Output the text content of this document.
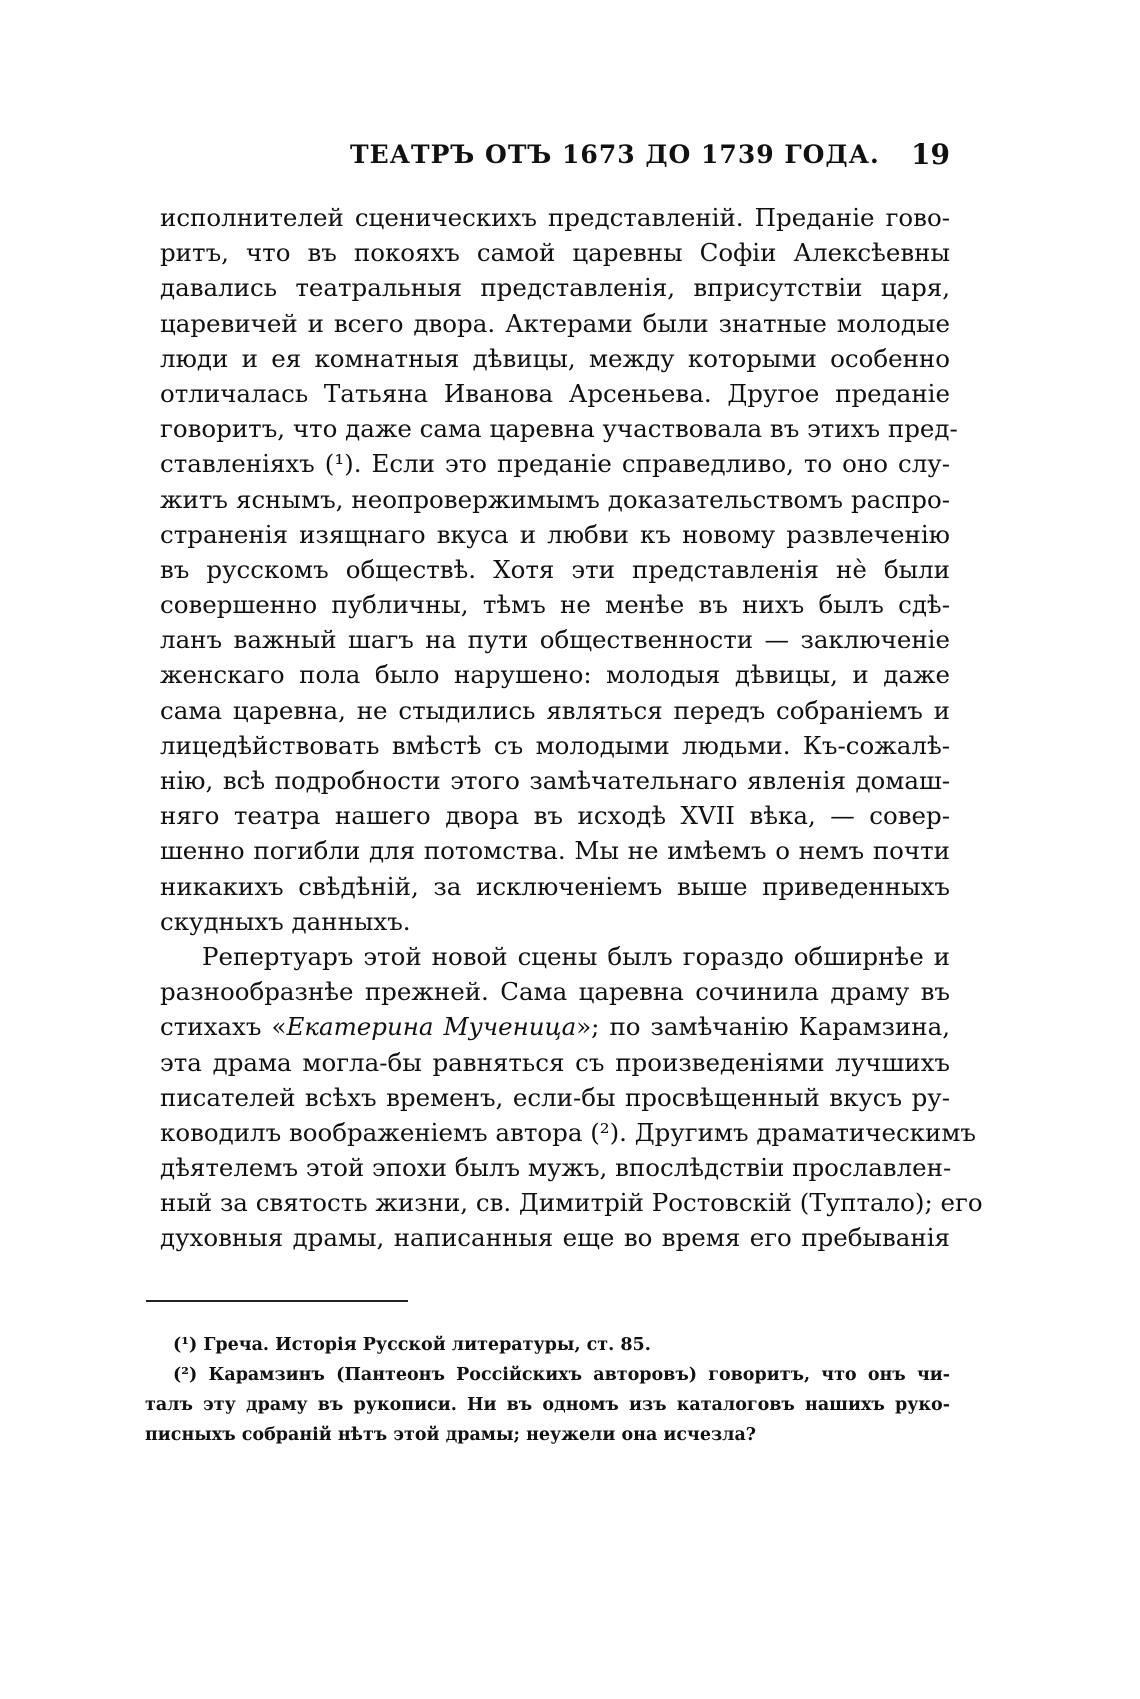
ТЕАТРЪ ОТЪ 1673 ДО 1739 ГОДА. 19
исполнителей сценическихъ представленій. Преданіе гово-
ритъ, что въ покояхъ самой царевны Софіи Алексѣевны
давались театральныя представленія, вприсутствіи царя,
царевичей и всего двора. Актерами были знатные молодые
люди и ея комнатныя дѣвицы, между которыми особенно
отличалась Татьяна Иванова Арсеньева. Другое преданіе
говоритъ, что даже сама царевна участвовала въ этихъ пред-
ставленіяхъ (¹). Если это преданіе справедливо, то оно слу-
житъ яснымъ, неопровержимымъ доказательствомъ распро-
страненія изящнаго вкуса и любви къ новому развлеченію
въ русскомъ обществѣ. Хотя эти представленія нѐ были
совершенно публичны, тѣмъ не менѣе въ нихъ былъ сдѣ-
ланъ важный шагъ на пути общественности — заключеніе
женскаго пола было нарушено: молодыя дѣвицы, и даже
сама царевна, не стыдились являться передъ собраніемъ и
лицедѣйствовать вмѣстѣ съ молодыми людьми. Къ-сожалѣ-
нію, всѣ подробности этого замѣчательнаго явленія домаш-
няго театра нашего двора въ исходѣ XVII вѣка, — совер-
шенно погибли для потомства. Мы не имѣемъ о немъ почти
никакихъ свѣдѣній, за исключеніемъ выше приведенныхъ
скудныхъ данныхъ.
Репертуаръ этой новой сцены былъ гораздо обширнѣе и
разнообразнѣе прежней. Сама царевна сочинила драму въ
стихахъ «Екатерина Мученица»; по замѣчанію Карамзина,
эта драма могла-бы равняться съ произведеніями лучшихъ
писателей всѣхъ временъ, если-бы просвѣщенный вкусъ ру-
ководилъ воображеніемъ автора (²). Другимъ драматическимъ
дѣятелемъ этой эпохи былъ мужъ, впослѣдствіи прославлен-
ный за святость жизни, св. Димитрій Ростовскій (Туптало); его
духовныя драмы, написанныя еще во время его пребыванія
(¹) Греча. Исторія Русской литературы, ст. 85.
(²) Карамзинъ (Пантеонъ Россійскихъ авторовъ) говоритъ, что онъ чи-
талъ эту драму въ рукописи. Ни въ одномъ изъ каталоговъ нашихъ руко-
писныхъ собраній нѣтъ этой драмы; неужели она исчезла?
